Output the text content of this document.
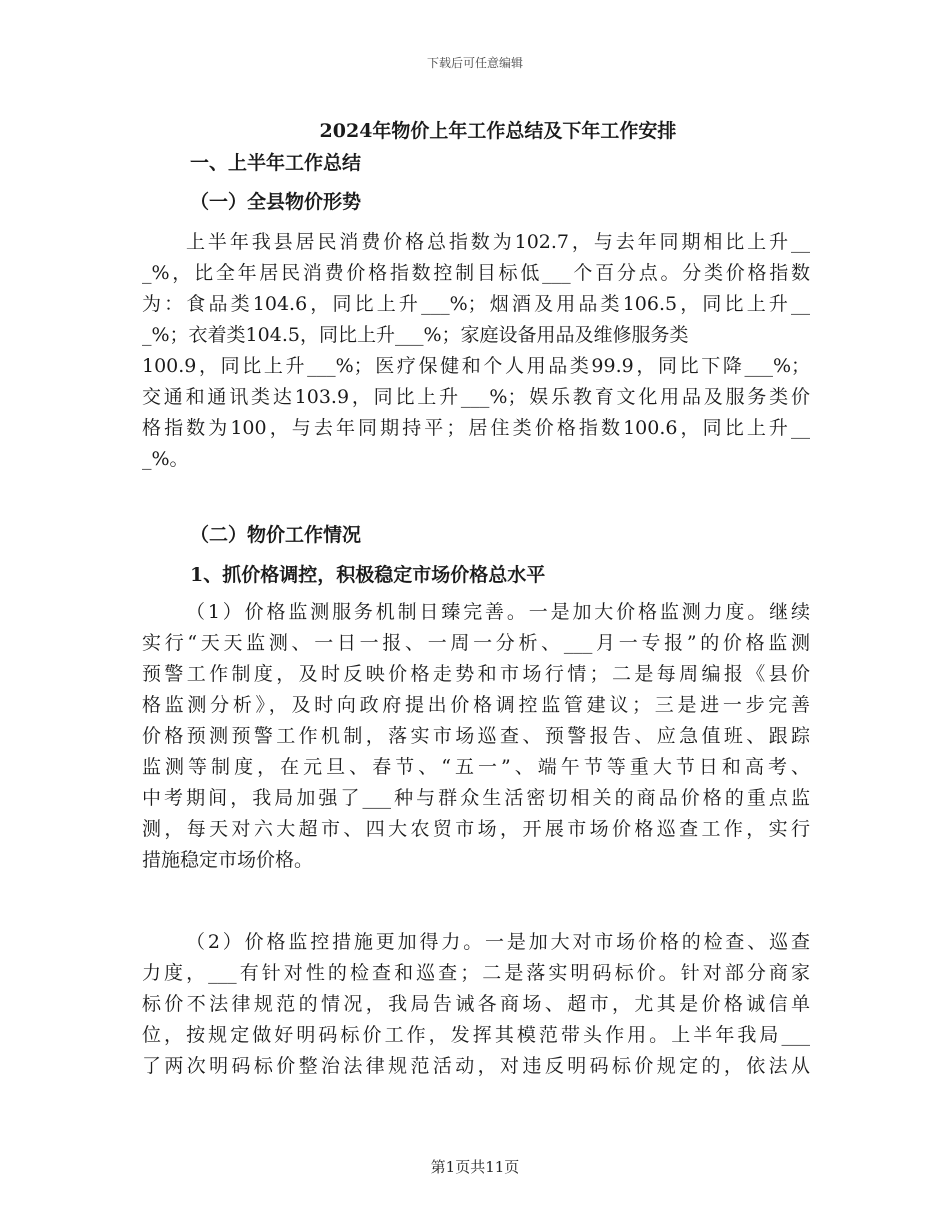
下载后可任意编辑
2024年物价上年工作总结及下年工作安排
一、上半年工作总结
（一）全县物价形势
上半年我县居民消费价格总指数为102.7，与去年同期相比上升__
_%，比全年居民消费价格指数控制目标低___个百分点。分类价格指数
为：食品类104.6，同比上升___%；烟酒及用品类106.5，同比上升__
_%；衣着类104.5，同比上升___%；家庭设备用品及维修服务类
100.9，同比上升___%；医疗保健和个人用品类99.9，同比下降___%；
交通和通讯类达103.9，同比上升___%；娱乐教育文化用品及服务类价
格指数为100，与去年同期持平；居住类价格指数100.6，同比上升__
_%。
（二）物价工作情况
1、抓价格调控，积极稳定市场价格总水平
（1）价格监测服务机制日臻完善。一是加大价格监测力度。继续
实行“天天监测、一日一报、一周一分析、___月一专报”的价格监测
预警工作制度，及时反映价格走势和市场行情；二是每周编报《县价
格监测分析》，及时向政府提出价格调控监管建议；三是进一步完善
价格预测预警工作机制，落实市场巡查、预警报告、应急值班、跟踪
监测等制度，在元旦、春节、“五一”、端午节等重大节日和高考、
中考期间，我局加强了___种与群众生活密切相关的商品价格的重点监
测，每天对六大超市、四大农贸市场，开展市场价格巡查工作，实行
措施稳定市场价格。
（2）价格监控措施更加得力。一是加大对市场价格的检查、巡查
力度，___有针对性的检查和巡查；二是落实明码标价。针对部分商家
标价不法律规范的情况，我局告诫各商场、超市，尤其是价格诚信单
位，按规定做好明码标价工作，发挥其模范带头作用。上半年我局___
了两次明码标价整治法律规范活动，对违反明码标价规定的，依法从
第1页共11页
